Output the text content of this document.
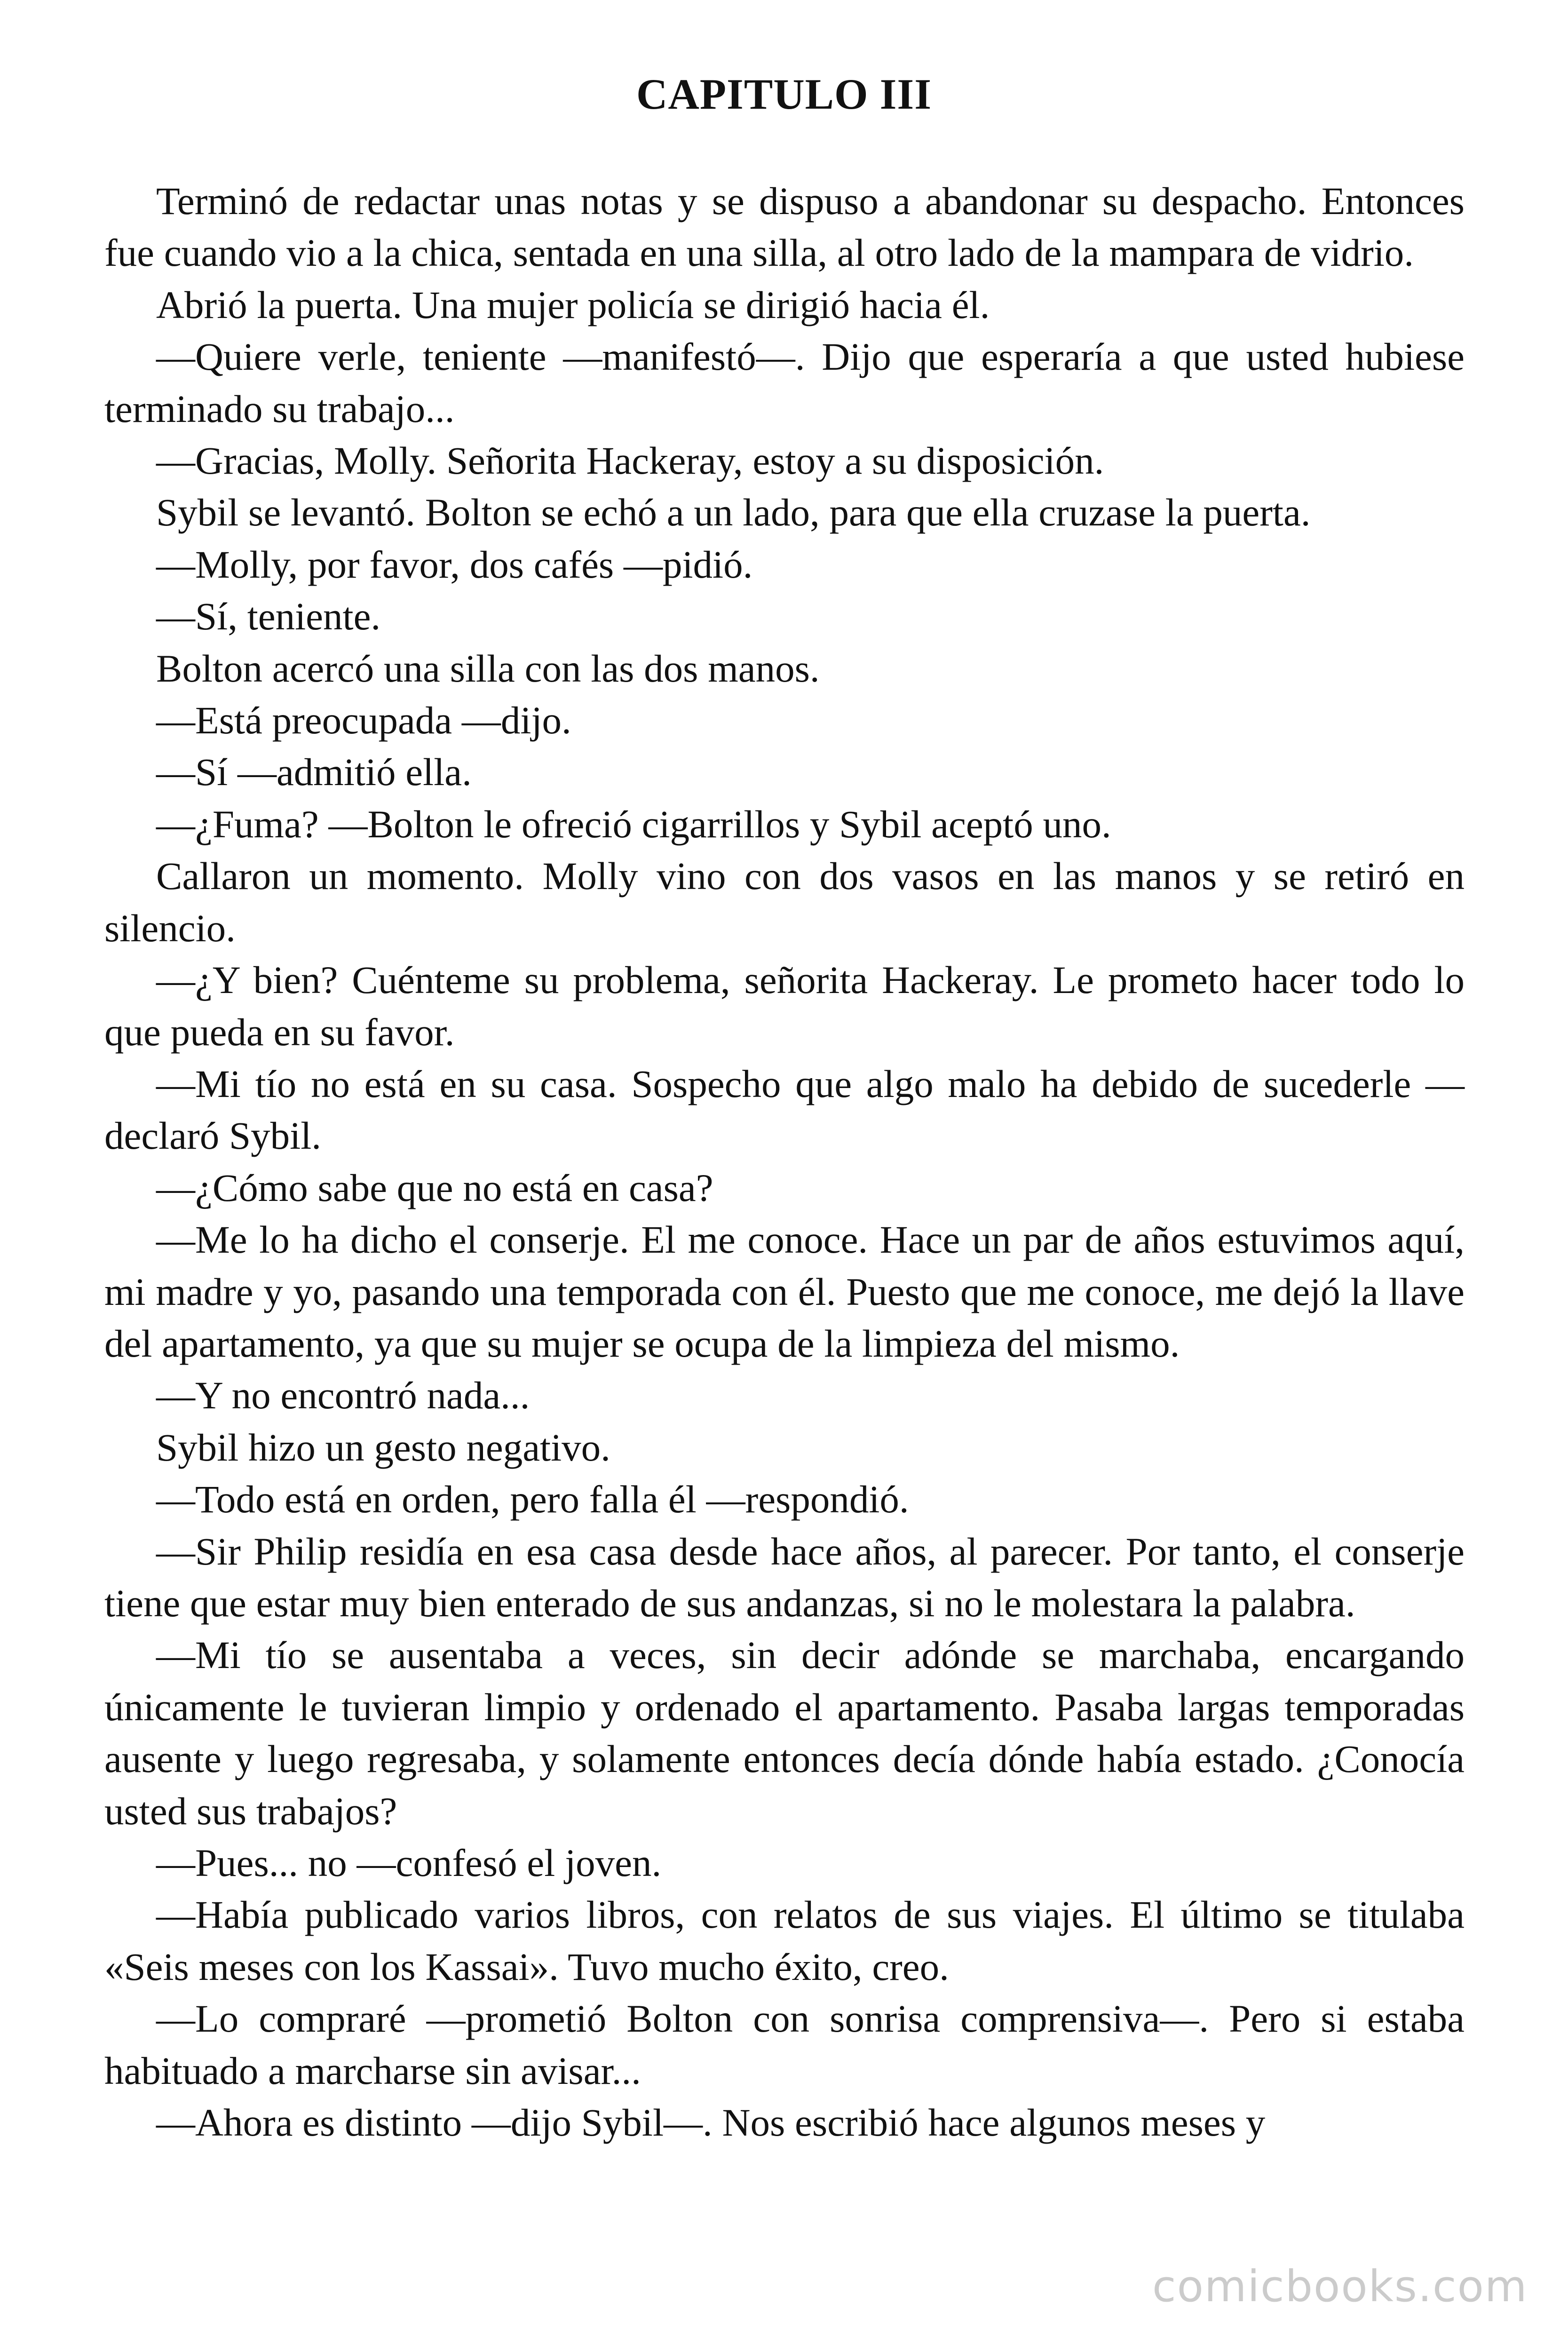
CAPITULO III

Terminó de redactar unas notas y se dispuso a abandonar su despacho. Entonces fue cuando vio a la chica, sentada en una silla, al otro lado de la mampara de vidrio.

Abrió la puerta. Una mujer policía se dirigió hacia él.

—Quiere verle, teniente —manifestó—. Dijo que esperaría a que usted hubiese terminado su trabajo...

—Gracias, Molly. Señorita Hackeray, estoy a su disposición.

Sybil se levantó. Bolton se echó a un lado, para que ella cruzase la puerta.

—Molly, por favor, dos cafés —pidió.

—Sí, teniente.

Bolton acercó una silla con las dos manos.

—Está preocupada —dijo.

—Sí —admitió ella.

—¿Fuma? —Bolton le ofreció cigarrillos y Sybil aceptó uno.

Callaron un momento. Molly vino con dos vasos en las manos y se retiró en silencio.

—¿Y bien? Cuénteme su problema, señorita Hackeray. Le prometo hacer todo lo que pueda en su favor.

—Mi tío no está en su casa. Sospecho que algo malo ha debido de sucederle —declaró Sybil.

—¿Cómo sabe que no está en casa?

—Me lo ha dicho el conserje. El me conoce. Hace un par de años estuvimos aquí, mi madre y yo, pasando una temporada con él. Puesto que me conoce, me dejó la llave del apartamento, ya que su mujer se ocupa de la limpieza del mismo.

—Y no encontró nada...

Sybil hizo un gesto negativo.

—Todo está en orden, pero falla él —respondió.

—Sir Philip residía en esa casa desde hace años, al parecer. Por tanto, el conserje tiene que estar muy bien enterado de sus andanzas, si no le molestara la palabra.

—Mi tío se ausentaba a veces, sin decir adónde se marchaba, encargando únicamente le tuvieran limpio y ordenado el apartamento. Pasaba largas temporadas ausente y luego regresaba, y solamente entonces decía dónde había estado. ¿Conocía usted sus trabajos?

—Pues... no —confesó el joven.

—Había publicado varios libros, con relatos de sus viajes. El último se titulaba «Seis meses con los Kassai». Tuvo mucho éxito, creo.

—Lo compraré —prometió Bolton con sonrisa comprensiva—. Pero si estaba habituado a marcharse sin avisar...

—Ahora es distinto —dijo Sybil—. Nos escribió hace algunos meses y

comicbooks.com
